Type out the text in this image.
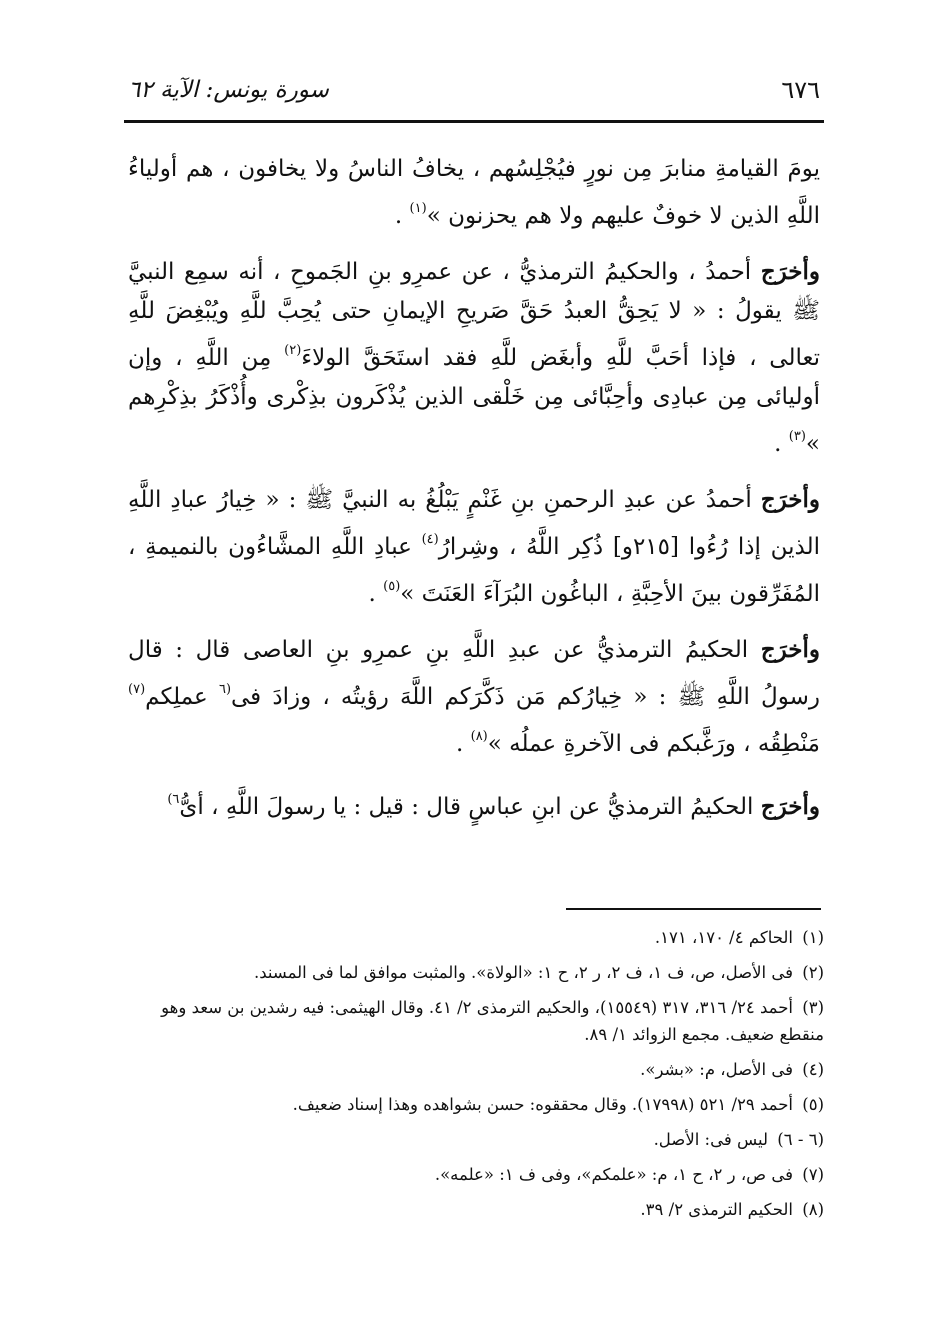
٦٧٦
سورة يونس: الآية ٦٢

يومَ القيامةِ منابرَ مِن نورٍ فيُجْلِسُهم ، يخافُ الناسُ ولا يخافون ، هم أولياءُ اللَّهِ الذين لا خوفٌ عليهم ولا هم يحزنون »$^{(١)}$ .

وأخرَج أحمدُ ، والحكيمُ الترمذيُّ ، عن عمرِو بنِ الجَموحِ ، أنه سمِع النبيَّ ﷺ يقولُ : « لا يَحِقُّ العبدُ حَقَّ صَريحِ الإيمانِ حتى يُحِبَّ للَّهِ ويُبْغِضَ للَّهِ تعالى ، فإذا أحَبَّ للَّهِ وأبغَض للَّهِ فقد استَحَقَّ الولاءَ$^{(٢)}$ مِن اللَّهِ ، وإن أوليائى مِن عبادِى وأحِبَّائى مِن خَلْقى الذين يُذْكَرون بذِكْرى وأُذْكَرُ بذِكْرِهم »$^{(٣)}$ .

وأخرَج أحمدُ عن عبدِ الرحمنِ بنِ غَنْمٍ يَبْلُغُ به النبيَّ ﷺ : « خِيارُ عبادِ اللَّهِ الذين إذا رُءُوا [٢١٥و] ذُكِر اللَّهُ ، وشِرارُ$^{(٤)}$ عبادِ اللَّهِ المشَّاءُون بالنميمةِ ، المُفَرِّقون بينَ الأحِبَّةِ ، الباغُون البُرَآءَ العَنَتَ »$^{(٥)}$ .

وأخرَج الحكيمُ الترمذيُّ عن عبدِ اللَّهِ بنِ عمرِو بنِ العاصى قال : قال رسولُ اللَّهِ ﷺ : « خِيارُكم مَن ذَكَّرَكم اللَّهَ رؤيتُه ، وزادَ فى$^{(٦}$ عملِكم$^{(٧)}$ مَنْطِقُه ، ورَغَّبكم فى الآخرةِ عملُه »$^{(٨)}$ .

وأخرَج الحكيمُ الترمذيُّ عن ابنِ عباسٍ قال : قيل : يا رسولَ اللَّهِ ، أىُّ$^{٦)}$

(١) الحاكم ٤/ ١٧٠، ١٧١.
(٢) فى الأصل، ص، ف ١، ف ٢، ر ٢، ح ١: «الولاة». والمثبت موافق لما فى المسند.
(٣) أحمد ٢٤/ ٣١٦، ٣١٧ (١٥٥٤٩)، والحكيم الترمذى ٢/ ٤١. وقال الهيثمى: فيه رشدين بن سعد وهو منقطع ضعيف. مجمع الزوائد ١/ ٨٩.
(٤) فى الأصل، م: «بشر».
(٥) أحمد ٢٩/ ٥٢١ (١٧٩٩٨). وقال محققوه: حسن بشواهده وهذا إسناد ضعيف.
(٦ - ٦) ليس فى: الأصل.
(٧) فى ص، ر ٢، ح ١، م: «علمكم»، وفى ف ١: «علمه».
(٨) الحكيم الترمذى ٢/ ٣٩.
